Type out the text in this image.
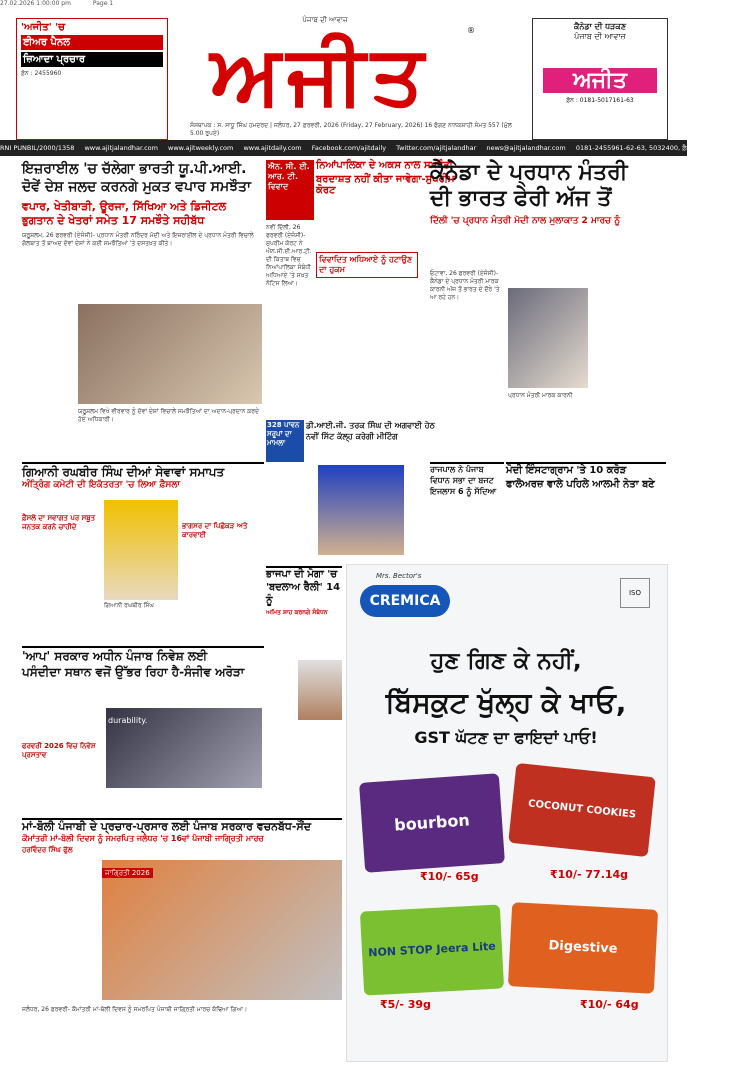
27.02.2026 1:00:00 pm	Page 1
'ਅਜੀਤ' 'ਚ
ਈਅਰ ਪੈਨਲ
ਜ਼ਿਆਦਾ ਪ੍ਰਚਾਰ
ਫ਼ੋਨ : 2455960
ਪੰਜਾਬ ਦੀ ਆਵਾਜ਼
ਅਜੀਤ	®
ਸੰਸਥਾਪਕ : ਸ. ਸਾਧੂ ਸਿੰਘ ਹਮਦਰਦ | ਜਲੰਧਰ, 27 ਫ਼ਰਵਰੀ, 2026 (Friday, 27 February, 2026) 16 ਫੱਗਣ ਨਾਨਕਸ਼ਾਹੀ ਸੰਮਤ 557 (ਮੁੱਲ 5.00 ਰੁਪਏ)
ਕੈਨੇਡਾ ਦੀ ਧੜਕਣ
ਪੰਜਾਬ ਦੀ ਆਵਾਜ਼
ਅਜੀਤ
ਫ਼ੋਨ : 0181-5017161-63
RNI PUNBIL/2000/1358 www.ajitjalandhar.com www.ajitweekly.com www.ajitdaily.com Facebook.com/ajitdaily Twitter.com/ajitjalandhar news@ajitjalandhar.com 0181-2455961-62-63, 5032400, ਫ਼ੈਕਸ : 2455960
ਇਜ਼ਰਾਈਲ 'ਚ ਚੱਲੇਗਾ ਭਾਰਤੀ ਯੂ.ਪੀ.ਆਈ.
ਦੋਵੇਂ ਦੇਸ਼ ਜਲਦ ਕਰਨਗੇ ਮੁਕਤ ਵਪਾਰ ਸਮਝੌਤਾ
ਵਪਾਰ, ਖੇਤੀਬਾੜੀ, ਊਰਜਾ, ਸਿੱਖਿਆ ਅਤੇ ਡਿਜੀਟਲ
ਭੁਗਤਾਨ ਦੇ ਖੇਤਰਾਂ ਸਮੇਤ 17 ਸਮਝੌਤੇ ਸਹੀਬੱਧ
ਯਰੂਸ਼ਲਮ, 26 ਫਰਵਰੀ (ਏਜੰਸੀ)- ਪ੍ਰਧਾਨ ਮੰਤਰੀ ਨਰਿੰਦਰ ਮੋਦੀ ਅਤੇ ਇਜ਼ਰਾਈਲ ਦੇ ਪ੍ਰਧਾਨ ਮੰਤਰੀ ਵਿਚਾਲੇ ਗੱਲਬਾਤ ਤੋਂ ਬਾਅਦ ਦੋਵਾਂ ਦੇਸ਼ਾਂ ਨੇ ਕਈ ਸਮਝੌਤਿਆਂ 'ਤੇ ਦਸਤਖ਼ਤ ਕੀਤੇ।
ਯਰੂਸ਼ਲਮ ਵਿਖੇ ਵੀਰਵਾਰ ਨੂੰ ਦੋਵਾਂ ਦੇਸ਼ਾਂ ਵਿਚਾਲੇ ਸਮਝੌਤਿਆਂ ਦਾ ਅਦਾਨ-ਪ੍ਰਦਾਨ ਕਰਦੇ ਹੋਏ ਅਧਿਕਾਰੀ।
ਐਨ. ਸੀ. ਈ. ਆਰ. ਟੀ. ਵਿਵਾਦ
ਨਿਆਂਪਾਲਿਕਾ ਦੇ ਅਕਸ ਨਾਲ ਸਮਝੌਤਾ
ਬਰਦਾਸ਼ਤ ਨਹੀਂ ਕੀਤਾ ਜਾਵੇਗਾ-ਸੁਪਰੀਮ ਕੋਰਟ
ਵਿਵਾਦਿਤ ਅਧਿਆਏ ਨੂੰ ਹਟਾਉਣ ਦਾ ਹੁਕਮ
ਨਵੀਂ ਦਿੱਲੀ, 26 ਫਰਵਰੀ (ਏਜੰਸੀ)- ਸੁਪਰੀਮ ਕੋਰਟ ਨੇ ਐਨ.ਸੀ.ਈ.ਆਰ.ਟੀ. ਦੀ ਕਿਤਾਬ ਵਿਚ ਨਿਆਂਪਾਲਿਕਾ ਸੰਬੰਧੀ ਅਧਿਆਏ 'ਤੇ ਸਖ਼ਤ ਨੋਟਿਸ ਲਿਆ।
ਕੈਨੇਡਾ ਦੇ ਪ੍ਰਧਾਨ ਮੰਤਰੀ
ਦੀ ਭਾਰਤ ਫੇਰੀ ਅੱਜ ਤੋਂ
ਦਿੱਲੀ 'ਚ ਪ੍ਰਧਾਨ ਮੰਤਰੀ ਮੋਦੀ ਨਾਲ ਮੁਲਾਕਾਤ 2 ਮਾਰਚ ਨੂੰ
ਓਟਾਵਾ, 26 ਫਰਵਰੀ (ਏਜੰਸੀ)- ਕੈਨੇਡਾ ਦੇ ਪ੍ਰਧਾਨ ਮੰਤਰੀ ਮਾਰਕ ਕਾਰਨੀ ਅੱਜ ਤੋਂ ਭਾਰਤ ਦੇ ਦੌਰੇ 'ਤੇ ਆ ਰਹੇ ਹਨ।
ਪ੍ਰਧਾਨ ਮੰਤਰੀ ਮਾਰਕ ਕਾਰਨੀ
328 ਪਾਵਨ ਸਰੂਪਾਂ ਦਾ ਮਾਮਲਾ
ਡੀ.ਆਈ.ਜੀ. ਤਰਕ ਸਿੰਘ ਦੀ ਅਗਵਾਈ ਹੇਠ ਨਵੀਂ ਸਿੱਟ ਕੱਲ੍ਹ ਕਰੇਗੀ ਮੀਟਿੰਗ
ਗਿਆਨੀ ਰਘਬੀਰ ਸਿੰਘ ਦੀਆਂ ਸੇਵਾਵਾਂ ਸਮਾਪਤ
ਅੰਤ੍ਰਿੰਗ ਕਮੇਟੀ ਦੀ ਇਕੱਤਰਤਾ 'ਚ ਲਿਆ ਫ਼ੈਸਲਾ
ਫ਼ੈਸਲੇ ਦਾ ਸਵਾਗਤ ਪਰ ਸਬੂਤ ਜਨਤਕ ਕਰਨੇ ਚਾਹੀਦੇ
ਗਿਆਨੀ ਰਘਬੀਰ ਸਿੰਘ
ਭਾਗਸਰ ਦਾ ਪਿਛੋਕੜ ਅਤੇ ਕਾਰਵਾਈ
ਰਾਜਪਾਲ ਨੇ ਪੰਜਾਬ ਵਿਧਾਨ ਸਭਾ ਦਾ ਬਜਟ ਇਜਲਾਸ 6 ਨੂੰ ਸੱਦਿਆ
ਮੋਦੀ ਇੰਸਟਾਗ੍ਰਾਮ 'ਤੇ 10 ਕਰੋੜ ਫਾਲੋਅਰਜ਼ ਵਾਲੇ ਪਹਿਲੇ ਆਲਮੀ ਨੇਤਾ ਬਣੇ
ਭਾਜਪਾ ਦੀ ਮੋਗਾ 'ਚ 'ਬਦਲਾਅ ਰੈਲੀ' 14 ਨੂੰ
ਅਮਿਤ ਸ਼ਾਹ ਕਰਨਗੇ ਸੰਬੋਧਨ
'ਆਪ' ਸਰਕਾਰ ਅਧੀਨ ਪੰਜਾਬ ਨਿਵੇਸ਼ ਲਈ
ਪਸੰਦੀਦਾ ਸਥਾਨ ਵਜੋਂ ਉੱਭਰ ਰਿਹਾ ਹੈ-ਸੰਜੀਵ ਅਰੋੜਾ
ਫਰਵਰੀ 2026 ਵਿਚ ਨਿਵੇਸ਼ ਪ੍ਰਸਤਾਵ
durability.
ਮਾਂ-ਬੋਲੀ ਪੰਜਾਬੀ ਦੇ ਪ੍ਰਚਾਰ-ਪ੍ਰਸਾਰ ਲਈ ਪੰਜਾਬ ਸਰਕਾਰ ਵਚਨਬੱਧ-ਸੌਂਦ
ਕੌਮਾਂਤਰੀ ਮਾਂ-ਬੋਲੀ ਦਿਵਸ ਨੂੰ ਸਮਰਪਿਤ ਜਲੰਧਰ 'ਚ 16ਵਾਂ ਪੰਜਾਬੀ ਜਾਗ੍ਰਿਤੀ ਮਾਰਚ
ਹਰਵਿੰਦਰ ਸਿੰਘ ਫੁੱਲ
ਜਾਗ੍ਰਿਤੀ 2026
ਜਲੰਧਰ, 26 ਫਰਵਰੀ- ਕੌਮਾਂਤਰੀ ਮਾਂ-ਬੋਲੀ ਦਿਵਸ ਨੂੰ ਸਮਰਪਿਤ ਪੰਜਾਬੀ ਜਾਗ੍ਰਿਤੀ ਮਾਰਚ ਕੱਢਿਆ ਗਿਆ।
Mrs. Bector's
CREMICA	ISO
ਹੁਣ ਗਿਣ ਕੇ ਨਹੀਂ,
ਬਿੱਸਕੁਟ ਖੁੱਲ੍ਹ ਕੇ ਖਾਓ,
GST ਘੱਟਣ ਦਾ ਫਾਇਦਾਂ ਪਾਓ!
bourbon
₹10/- 65g
COCONUT COOKIES
₹10/- 77.14g
NON STOP Jeera Lite
₹5/- 39g
Digestive
₹10/- 64g
